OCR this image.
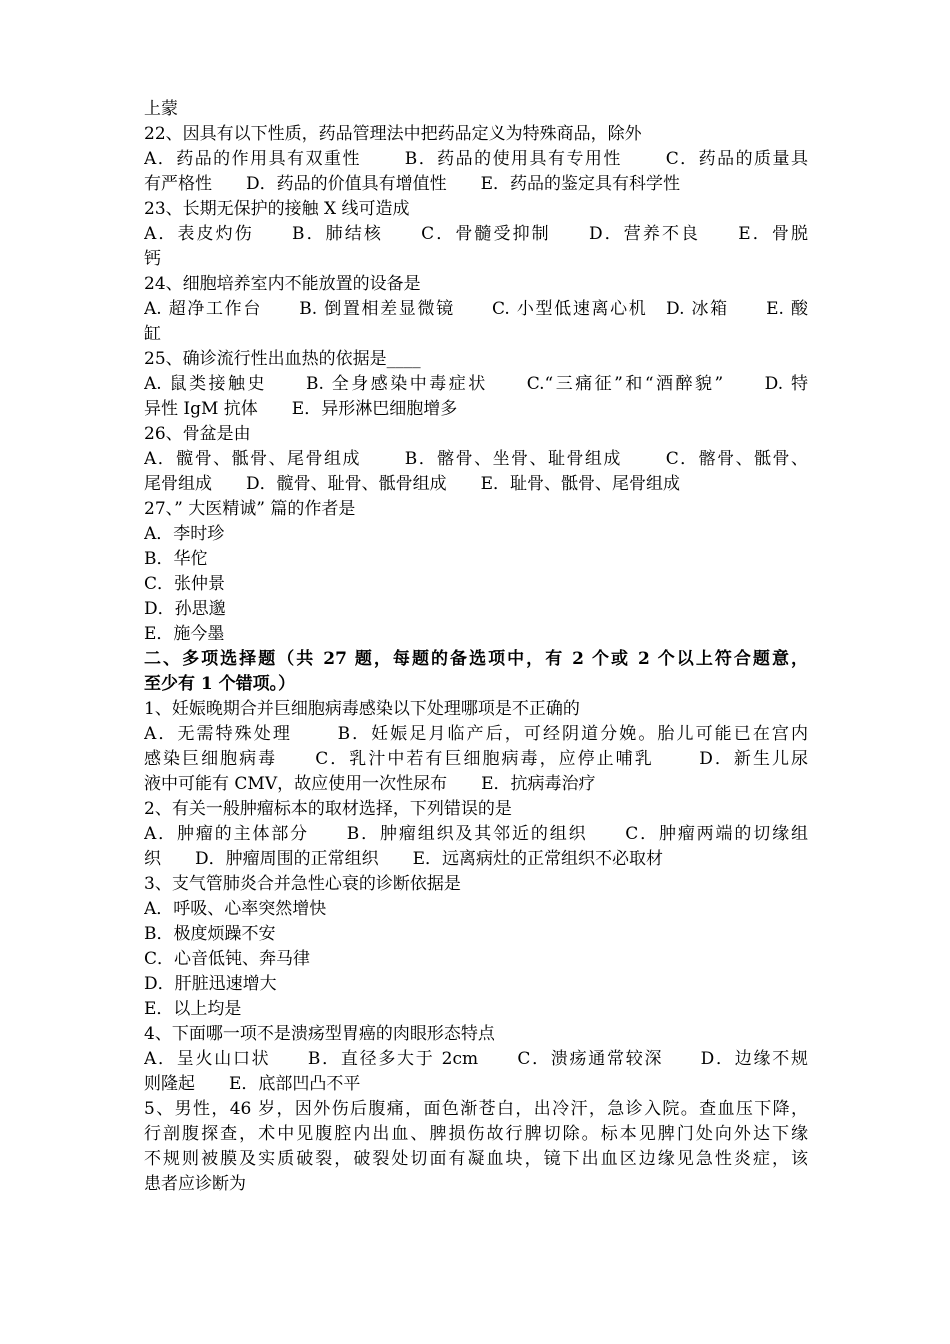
上蒙
22、因具有以下性质，药品管理法中把药品定义为特殊商品，除外
A．药品的作用具有双重性　　 B．药品的使用具有专用性　　 C．药品的质量具
有严格性　　D．药品的价值具有增值性　　E．药品的鉴定具有科学性
23、长期无保护的接触 X 线可造成
A．表皮灼伤　　B．肺结核　　C．骨髓受抑制　　D．营养不良　　E．骨脱
钙
24、细胞培养室内不能放置的设备是
A. 超净工作台　　B. 倒置相差显微镜　　C. 小型低速离心机　D. 冰箱　　E. 酸
缸
25、确诊流行性出血热的依据是____
A. 鼠类接触史　　B. 全身感染中毒症状　　C.“三痛征”和“酒醉貌”　　D. 特
异性 IgM 抗体　　E．异形淋巴细胞增多
26、骨盆是由
A．髋骨、骶骨、尾骨组成　　 B．髂骨、坐骨、耻骨组成　　 C．髂骨、骶骨、
尾骨组成　　D．髋骨、耻骨、骶骨组成　　E．耻骨、骶骨、尾骨组成
27、” 大医精诚” 篇的作者是
A．李时珍
B．华佗
C．张仲景
D．孙思邈
E．施今墨
二、多项选择题（共 27 题，每题的备选项中，有 2 个或 2 个以上符合题意，
至少有 1 个错项。）
1、妊娠晚期合并巨细胞病毒感染以下处理哪项是不正确的
A．无需特殊处理　　 B．妊娠足月临产后，可经阴道分娩。胎儿可能已在宫内
感染巨细胞病毒　　C．乳汁中若有巨细胞病毒，应停止哺乳　　 D．新生儿尿
液中可能有 CMV，故应使用一次性尿布　　E．抗病毒治疗
2、有关一般肿瘤标本的取材选择，下列错误的是
A．肿瘤的主体部分　　B．肿瘤组织及其邻近的组织　　C．肿瘤两端的切缘组
织　　D．肿瘤周围的正常组织　　E．远离病灶的正常组织不必取材
3、支气管肺炎合并急性心衰的诊断依据是
A．呼吸、心率突然增快
B．极度烦躁不安
C．心音低钝、奔马律
D．肝脏迅速增大
E．以上均是
4、下面哪一项不是溃疡型胃癌的肉眼形态特点
A．呈火山口状　　B．直径多大于 2cm　　C．溃疡通常较深　　D．边缘不规
则隆起　　E．底部凹凸不平
5、男性，46 岁，因外伤后腹痛，面色渐苍白，出冷汗，急诊入院。查血压下降，
行剖腹探查，术中见腹腔内出血、脾损伤故行脾切除。标本见脾门处向外达下缘
不规则被膜及实质破裂，破裂处切面有凝血块，镜下出血区边缘见急性炎症，该
患者应诊断为
